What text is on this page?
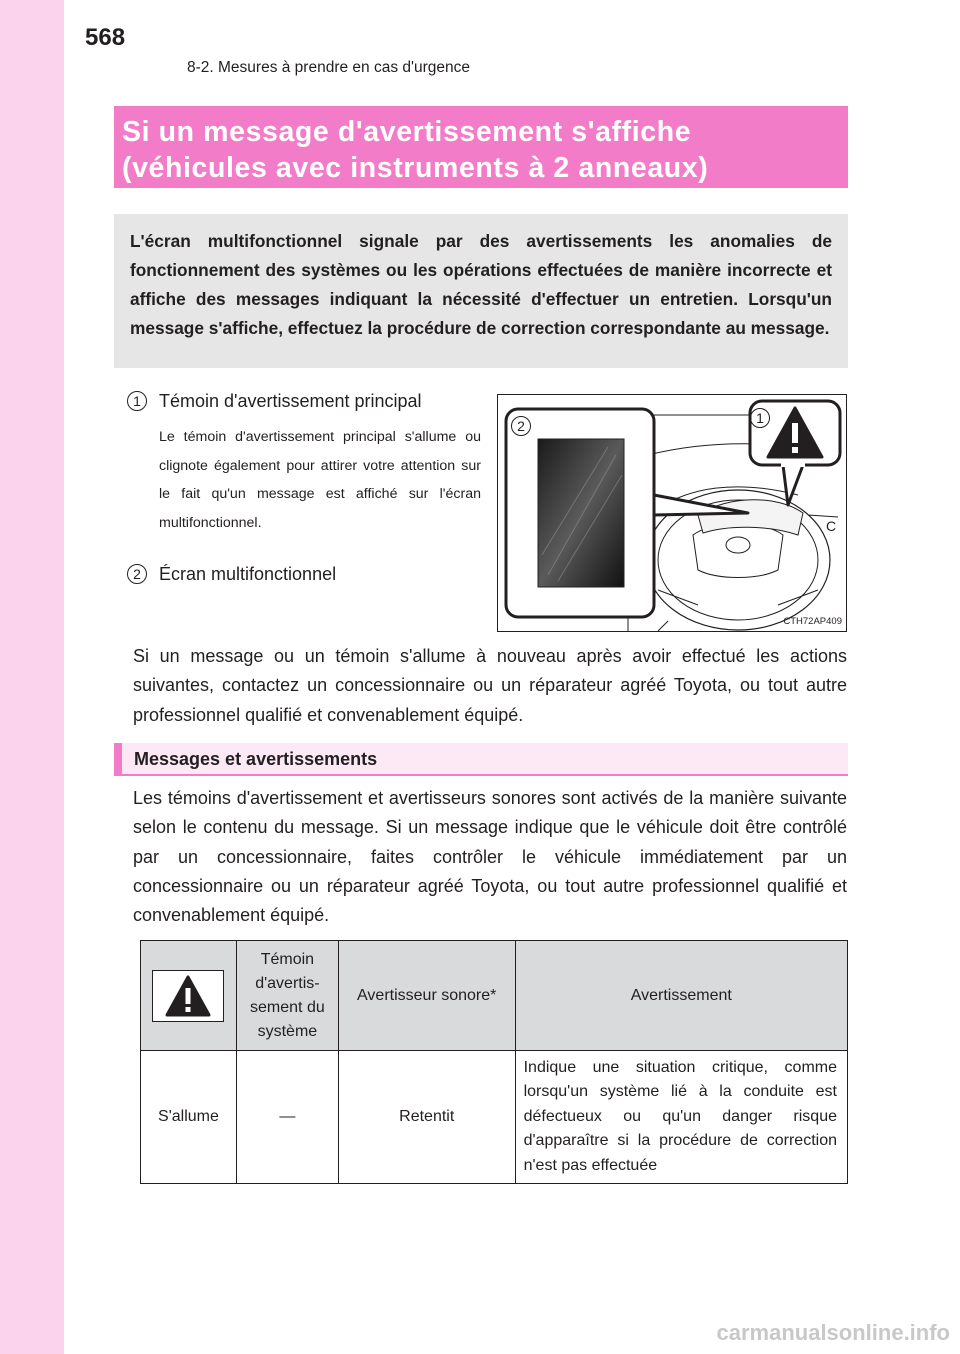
568
8-2. Mesures à prendre en cas d'urgence
Si un message d'avertissement s'affiche
(véhicules avec instruments à 2 anneaux)
L'écran multifonctionnel signale par des avertissements les anomalies de fonctionnement des systèmes ou les opérations effectuées de manière incorrecte et affiche des messages indiquant la nécessité d'effectuer un entretien. Lorsqu'un message s'affiche, effectuez la procédure de correction correspondante au message.
1	Témoin d'avertissement principal
Le témoin d'avertissement principal s'allume ou clignote également pour attirer votre attention sur le fait qu'un message est affiché sur l'écran multifonctionnel.
2	Écran multifonctionnel
C
2	1
CTH72AP409
Si un message ou un témoin s'allume à nouveau après avoir effectué les actions suivantes, contactez un concessionnaire ou un réparateur agréé Toyota, ou tout autre professionnel qualifié et convenablement équipé.
Messages et avertissements
Les témoins d'avertissement et avertisseurs sonores sont activés de la manière suivante selon le contenu du message. Si un message indique que le véhicule doit être contrôlé par un concessionnaire, faites contrôler le véhicule immédiatement par un concessionnaire ou un réparateur agréé Toyota, ou tout autre professionnel qualifié et convenablement équipé.

Témoin
d'avertis-
sement du
système	Avertisseur sonore*	Avertissement
S'allume	—	Retentit	Indique une situation critique, comme lorsqu'un système lié à la conduite est défectueux ou qu'un danger risque d'apparaître si la procédure de correction n'est pas effectuée
carmanualsonline.info
